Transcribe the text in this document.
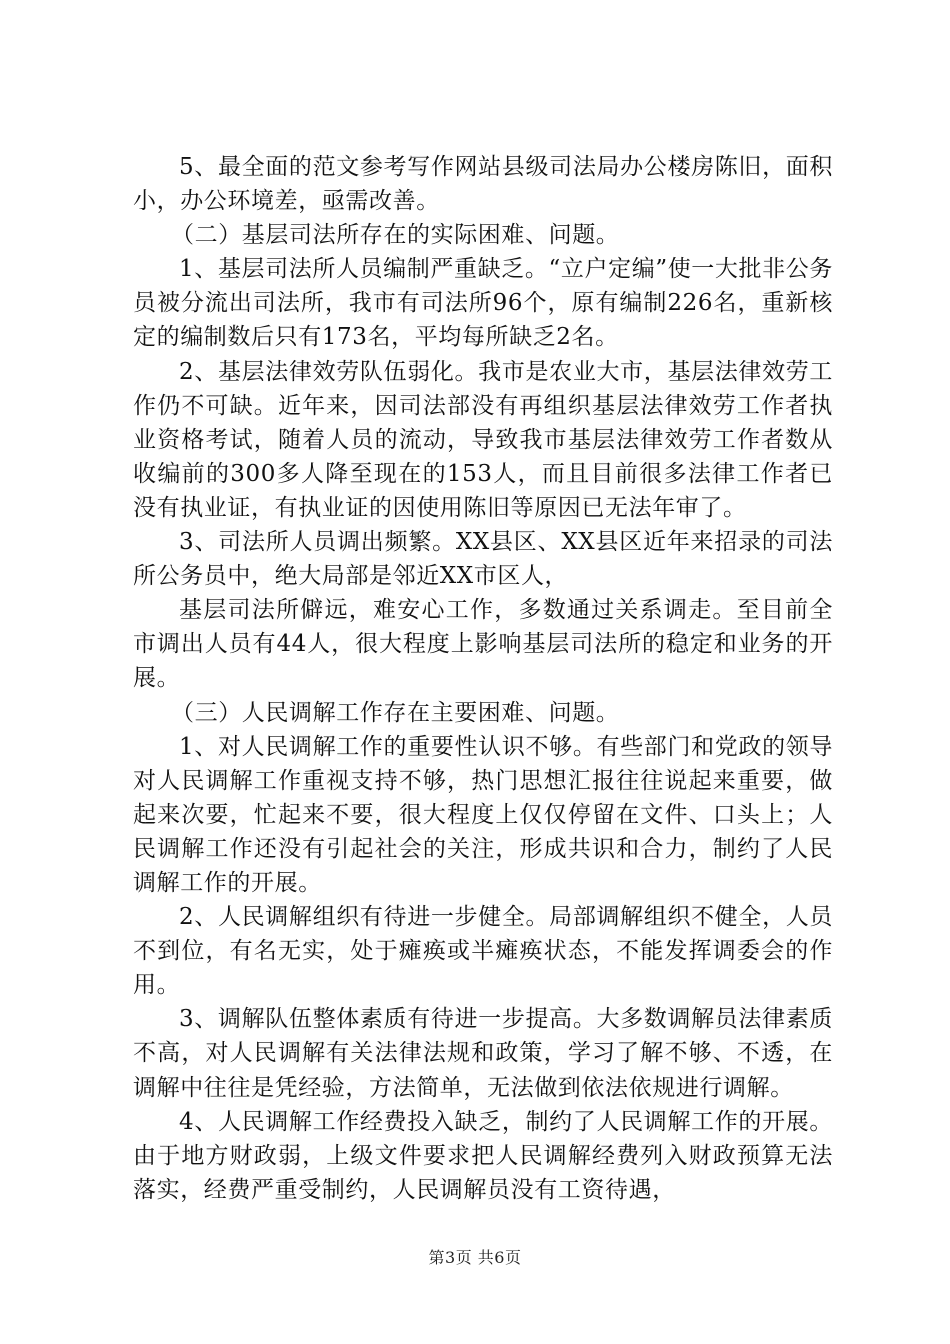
5、最全面的范文参考写作网站县级司法局办公楼房陈旧，面积小，办公环境差，亟需改善。

（二）基层司法所存在的实际困难、问题。

1、基层司法所人员编制严重缺乏。“立户定编”使一大批非公务员被分流出司法所，我市有司法所96个，原有编制226名，重新核定的编制数后只有173名，平均每所缺乏2名。

2、基层法律效劳队伍弱化。我市是农业大市，基层法律效劳工作仍不可缺。近年来，因司法部没有再组织基层法律效劳工作者执业资格考试，随着人员的流动，导致我市基层法律效劳工作者数从收编前的300多人降至现在的153人，而且目前很多法律工作者已没有执业证，有执业证的因使用陈旧等原因已无法年审了。

3、司法所人员调出频繁。XX县区、XX县区近年来招录的司法所公务员中，绝大局部是邻近XX市区人，

基层司法所僻远，难安心工作，多数通过关系调走。至目前全市调出人员有44人，很大程度上影响基层司法所的稳定和业务的开展。

（三）人民调解工作存在主要困难、问题。

1、对人民调解工作的重要性认识不够。有些部门和党政的领导对人民调解工作重视支持不够，热门思想汇报往往说起来重要，做起来次要，忙起来不要，很大程度上仅仅停留在文件、口头上；人民调解工作还没有引起社会的关注，形成共识和合力，制约了人民调解工作的开展。

2、人民调解组织有待进一步健全。局部调解组织不健全，人员不到位，有名无实，处于瘫痪或半瘫痪状态，不能发挥调委会的作用。

3、调解队伍整体素质有待进一步提高。大多数调解员法律素质不高，对人民调解有关法律法规和政策，学习了解不够、不透，在调解中往往是凭经验，方法简单，无法做到依法依规进行调解。

4、人民调解工作经费投入缺乏，制约了人民调解工作的开展。由于地方财政弱，上级文件要求把人民调解经费列入财政预算无法落实，经费严重受制约，人民调解员没有工资待遇，

第3页 共6页
